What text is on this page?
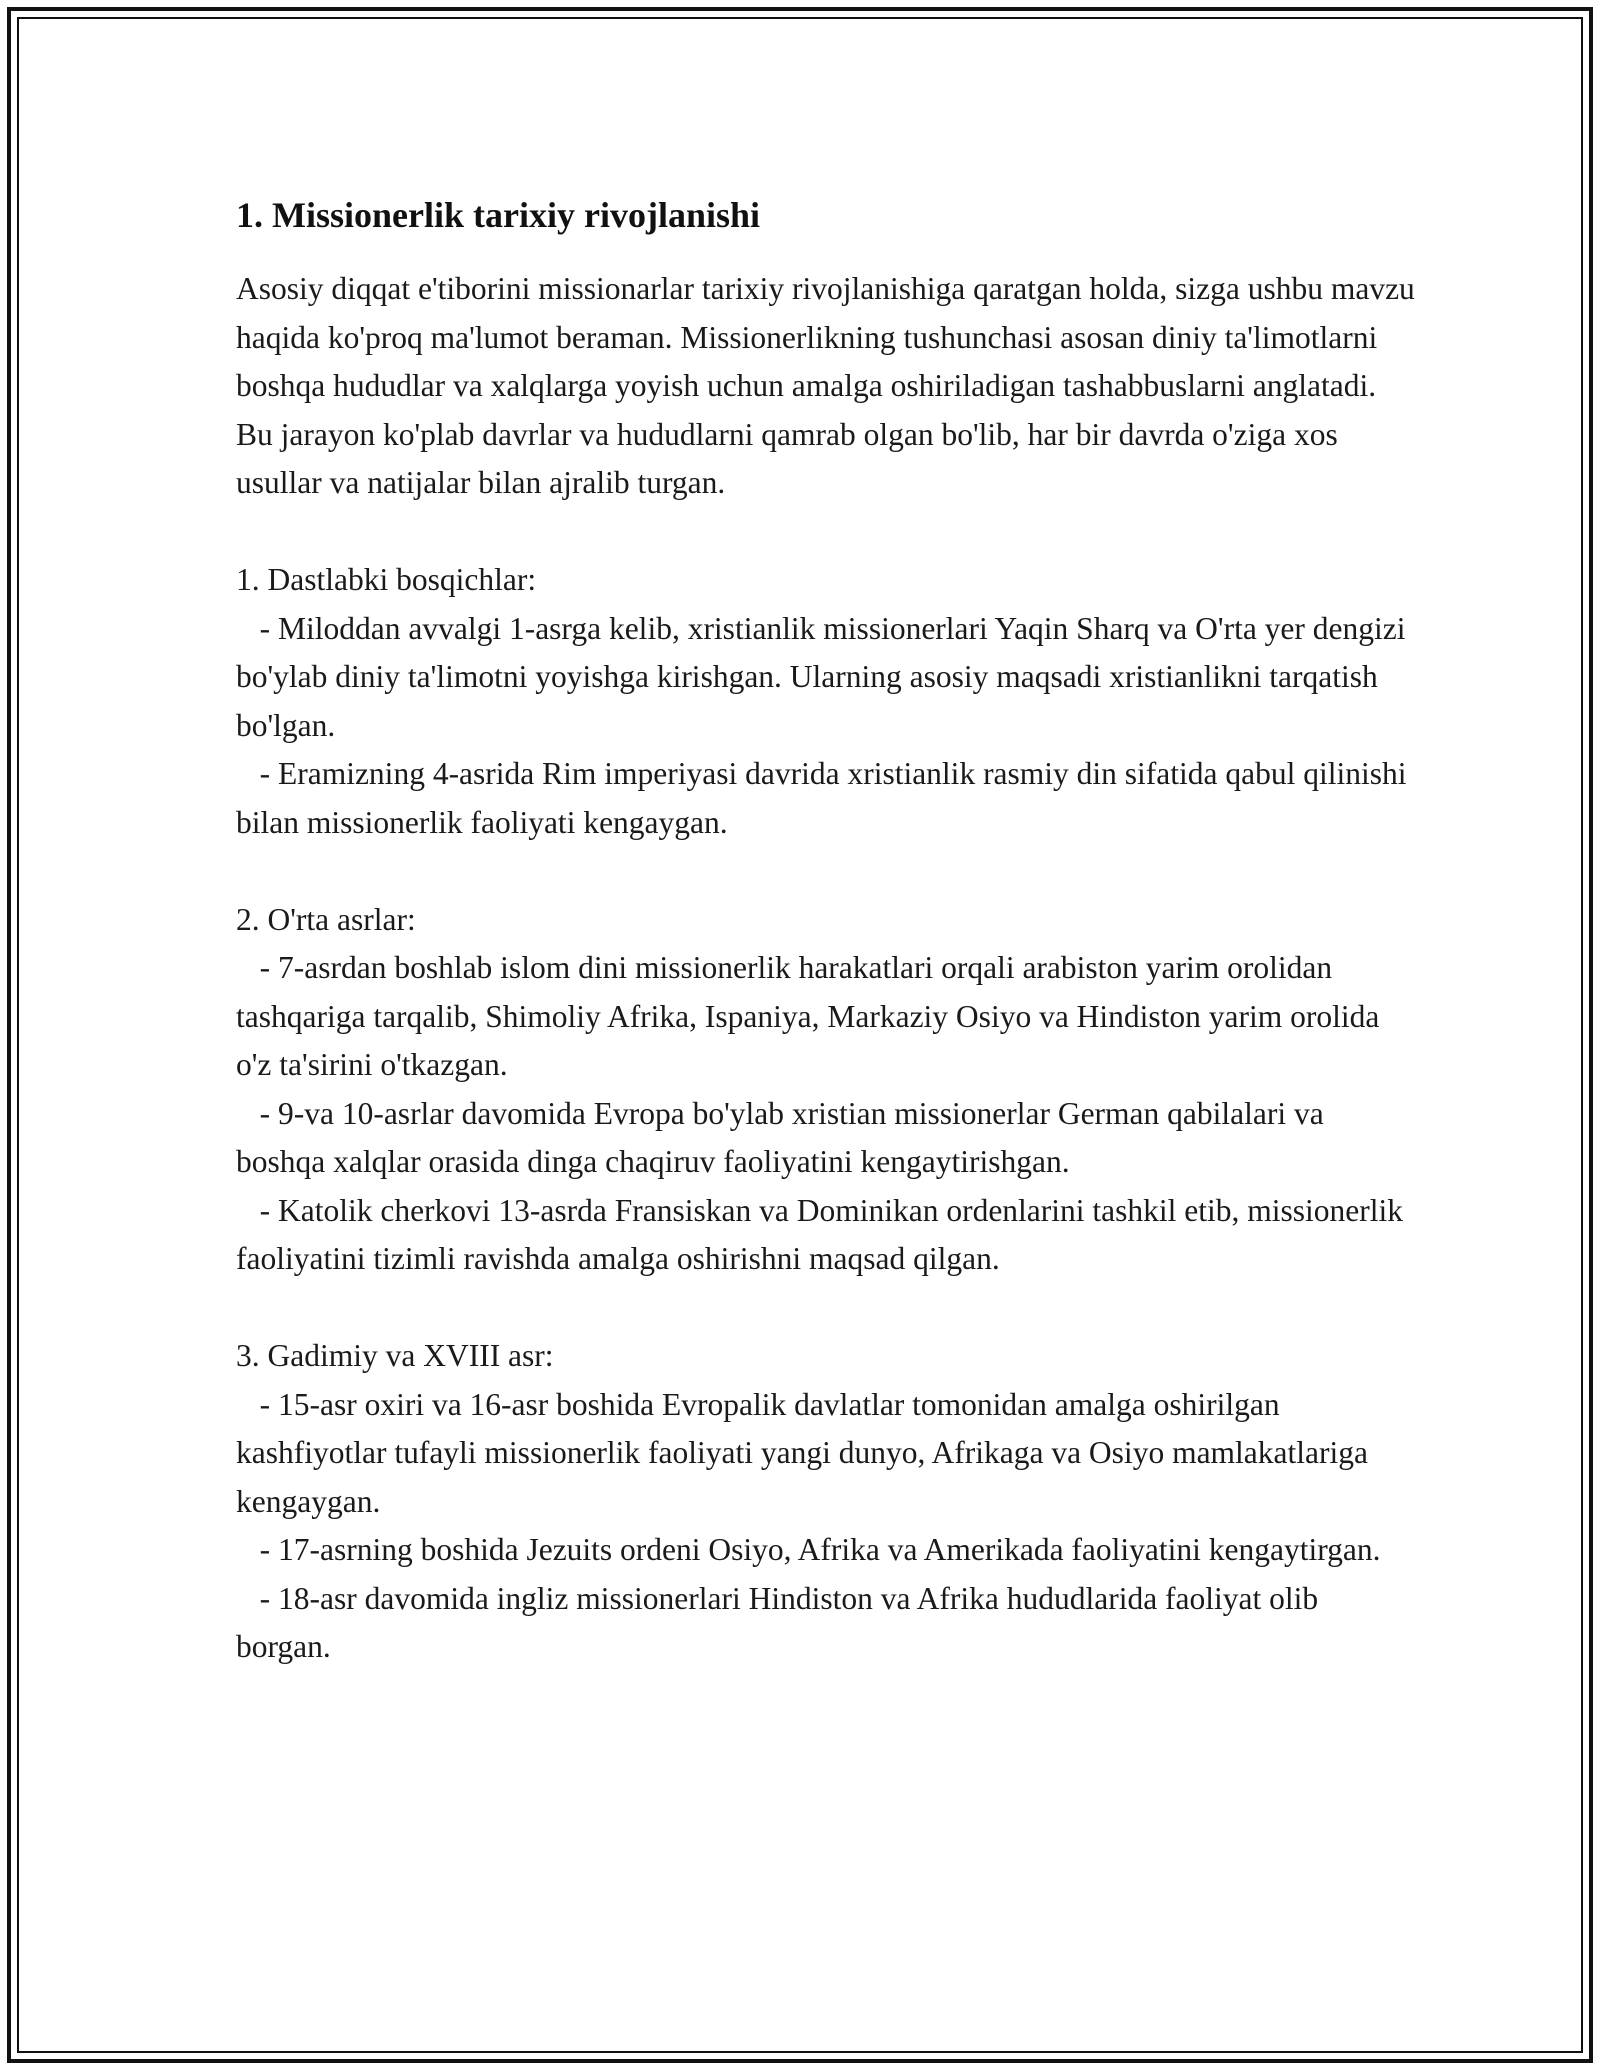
1. Missionerlik tarixiy rivojlanishi

Asosiy diqqat e'tiborini missionarlar tarixiy rivojlanishiga qaratgan holda, sizga ushbu mavzu haqida ko'proq ma'lumot beraman. Missionerlikning tushunchasi asosan diniy ta'limotlarni boshqa hududlar va xalqlarga yoyish uchun amalga oshiriladigan tashabbuslarni anglatadi. Bu jarayon ko'plab davrlar va hududlarni qamrab olgan bo'lib, har bir davrda o'ziga xos usullar va natijalar bilan ajralib turgan.

1. Dastlabki bosqichlar:

- Miloddan avvalgi 1-asrga kelib, xristianlik missionerlari Yaqin Sharq va O'rta yer dengizi bo'ylab diniy ta'limotni yoyishga kirishgan. Ularning asosiy maqsadi xristianlikni tarqatish bo'lgan.

- Eramizning 4-asrida Rim imperiyasi davrida xristianlik rasmiy din sifatida qabul qilinishi bilan missionerlik faoliyati kengaygan.

2. O'rta asrlar:

- 7-asrdan boshlab islom dini missionerlik harakatlari orqali arabiston yarim orolidan tashqariga tarqalib, Shimoliy Afrika, Ispaniya, Markaziy Osiyo va Hindiston yarim orolida o'z ta'sirini o'tkazgan.

- 9-va 10-asrlar davomida Evropa bo'ylab xristian missionerlar German qabilalari va boshqa xalqlar orasida dinga chaqiruv faoliyatini kengaytirishgan.

- Katolik cherkovi 13-asrda Fransiskan va Dominikan ordenlarini tashkil etib, missionerlik faoliyatini tizimli ravishda amalga oshirishni maqsad qilgan.

3. Gadimiy va XVIII asr:

- 15-asr oxiri va 16-asr boshida Evropalik davlatlar tomonidan amalga oshirilgan kashfiyotlar tufayli missionerlik faoliyati yangi dunyo, Afrikaga va Osiyo mamlakatlariga kengaygan.

- 17-asrning boshida Jezuits ordeni Osiyo, Afrika va Amerikada faoliyatini kengaytirgan.

- 18-asr davomida ingliz missionerlari Hindiston va Afrika hududlarida faoliyat olib borgan.
